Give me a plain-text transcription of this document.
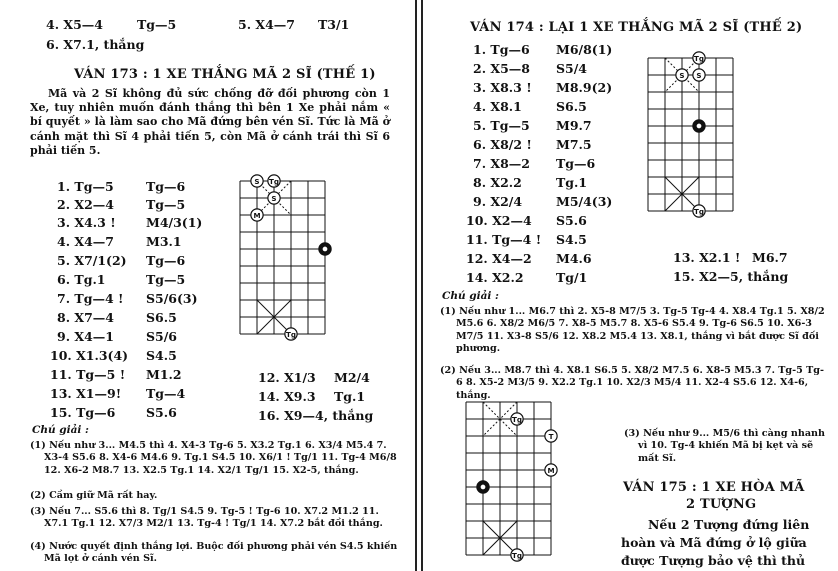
4. X5—4	Tg—5	5. X4—7 T3/1
6. X7.1, thắng
VÁN 173 : 1 XE THẮNG MÃ 2 SĨ (THẾ 1)
Mã và 2 Sĩ không đủ sức chống đỡ đối phương còn 1 Xe, tuy nhiên muốn đánh thắng thì bên 1 Xe phải nắm « bí quyết » là làm sao cho Mã đứng bên vén Sĩ. Tức là Mã ở cánh mặt thì Sĩ 4 phải tiến 5, còn Mã ở cánh trái thì Sĩ 6 phải tiến 5.
1. Tg—5	Tg—6
2. X2—4	Tg—5
3. X4.3 ! M4/3(1)
4. X4—7	M3.1
5. X7/1(2) Tg—6
6. Tg.1	Tg—5
7. Tg—4 ! S5/6(3)
8. X7—4	S6.5
9. X4—1	S5/6
10. X1.3(4) S4.5
11. Tg—5 ! M1.2
13. X1—9! Tg—4
15. Tg—6 S5.6
12. X1/3 M2/4
14. X9.3 Tg.1
16. X9—4, thắng
Tg
S
S
M
Tg
Chú giải :
(1) Nếu như 3... M4.5 thì 4. X4-3 Tg-6 5. X3.2 Tg.1 6. X3/4 M5.4 7. X3-4 S5.6 8. X4-6 M4.6 9. Tg.1 S4.5 10. X6/1 ! Tg/1 11. Tg-4 M6/8 12. X6-2 M8.7 13. X2.5 Tg.1 14. X2/1 Tg/1 15. X2-5, thắng.
(2) Cầm giữ Mã rất hay.
(3) Nếu 7... S5.6 thì 8. Tg/1 S4.5 9. Tg-5 ! Tg-6 10. X7.2 M1.2 11. X7.1 Tg.1 12. X7/3 M2/1 13. Tg-4 ! Tg/1 14. X7.2 bắt đồi thắng.
(4) Nước quyết định thắng lợi. Buộc đối phương phải vén S4.5 khiến Mã lọt ở cánh vén Sĩ.
VÁN 174 : LẠI 1 XE THẮNG MÃ 2 SĨ (THẾ 2)
1. Tg—6 M6/8(1)
2. X5—8 S5/4
3. X8.3 ! M8.9(2)
4. X8.1	S6.5
5. Tg—5 M9.7
6. X8/2 ! M7.5
7. X8—2 Tg—6
8. X2.2	Tg.1
9. X2/4	M5/4(3)
10. X2—4 S5.6
11. Tg—4 ! S4.5
12. X4—2 M4.6
14. X2.2	Tg/1
13. X2.1 ! M6.7
15. X2—5, thắng
Tg
S S
Tg
Chú giải :
(1) Nếu như 1... M6.7 thì 2. X5-8 M7/5 3. Tg-5 Tg-4 4. X8.4 Tg.1 5. X8/2 M5.6 6. X8/2 M6/5 7. X8-5 M5.7 8. X5-6 S5.4 9. Tg-6 S6.5 10. X6-3 M7/5 11. X3-8 S5/6 12. X8.2 M5.4 13. X8.1, thắng vì bắt được Sĩ đối phương.
(2) Nếu 3... M8.7 thì 4. X8.1 S6.5 5. X8/2 M7.5 6. X8-5 M5.3 7. Tg-5 Tg-6 8. X5-2 M3/5 9. X2.2 Tg.1 10. X2/3 M5/4 11. X2-4 S5.6 12. X4-6, thắng.
Tg
T
M
Tg
(3) Nếu như 9... M5/6 thì càng nhanh vì 10. Tg-4 khiến Mã bị kẹt và sẽ mất Sĩ.
VÁN 175 : 1 XE HÒA MÃ
2 TƯỢNG
Nếu 2 Tượng đứng liên
hoàn và Mã đứng ở lộ giữa
được Tượng bảo vệ thì thủ
